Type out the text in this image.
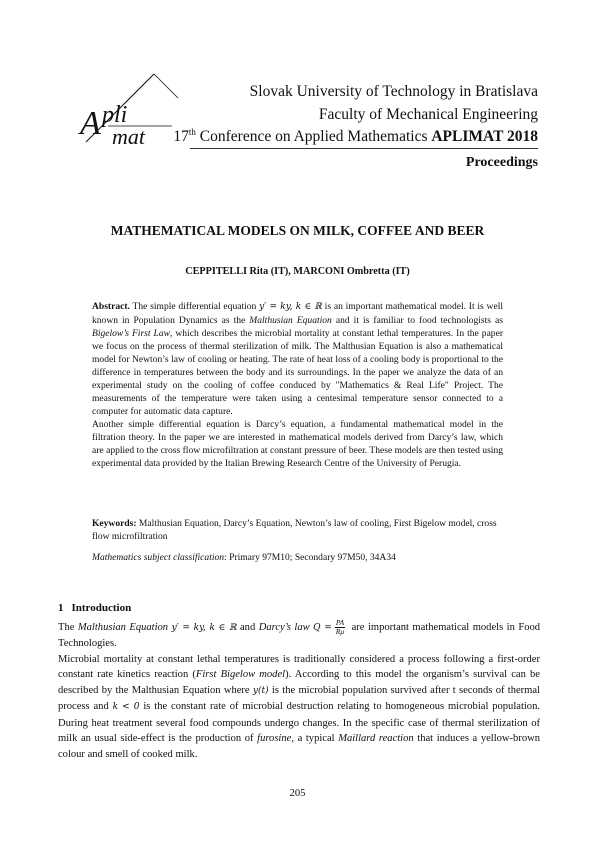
A pli
mat
Slovak University of Technology in Bratislava
Faculty of Mechanical Engineering
17th Conference on Applied Mathematics APLIMAT 2018
Proceedings
MATHEMATICAL MODELS ON MILK, COFFEE AND BEER
CEPPITELLI Rita (IT), MARCONI Ombretta (IT)

Abstract. The simple differential equation y′ = ky, k ∈ ℝ is an important mathematical model. It is well known in Population Dynamics as the Malthusian Equation and it is familiar to food technologists as Bigelow’s First Law, which describes the microbial mortality at constant lethal temperatures. In the paper we focus on the process of thermal sterilization of milk. The Malthusian Equation is also a mathematical model for Newton’s law of cooling or heating. The rate of heat loss of a cooling body is proportional to the difference in temperatures between the body and its surroundings. In the paper we analyze the data of an experimental study on the cooling of coffee conduced by "Mathematics & Real Life" Project. The measurements of the temperature were taken using a centesimal temperature sensor connected to a computer for automatic data capture.

Another simple differential equation is Darcy’s equation, a fundamental mathematical model in the filtration theory. In the paper we are interested in mathematical models derived from Darcy’s law, which are applied to the cross flow microfiltration at constant pressure of beer. These models are then tested using experimental data provided by the Italian Brewing Research Centre of the University of Perugia.

Keywords: Malthusian Equation, Darcy’s Equation, Newton’s law of cooling, First Bigelow model, cross flow microfiltration
Mathematics subject classification: Primary 97M10; Secondary 97M50, 34A34
1 Introduction

The Malthusian Equation y′ = ky, k ∈ ℝ and Darcy’s law $Q = \frac{PA}{R\mu}$ are important mathematical models in Food Technologies.

Microbial mortality at constant lethal temperatures is traditionally considered a process following a first-order constant rate kinetics reaction (First Bigelow model). According to this model the organism’s survival can be described by the Malthusian Equation where y(t) is the microbial population survived after t seconds of thermal process and k < 0 is the constant rate of microbial destruction relating to homogeneous microbial population. During heat treatment several food compounds undergo changes. In the specific case of thermal sterilization of milk an usual side-effect is the production of furosine, a typical Maillard reaction that induces a yellow-brown colour and smell of cooked milk.

205
